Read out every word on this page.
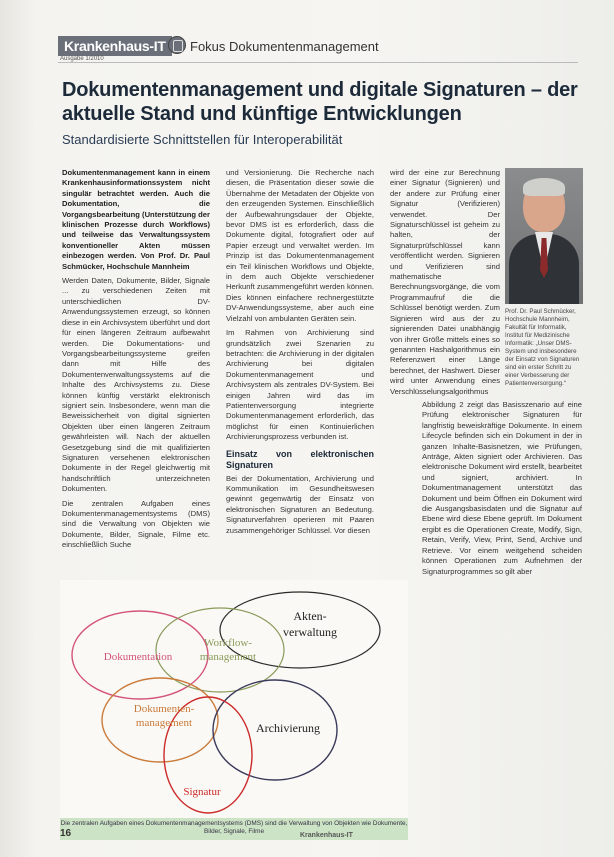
Krankenhaus-IT
Ausgabe 1/2010
Fokus Dokumentenmanagement
Dokumentenmanagement und digitale Signaturen – der aktuelle Stand und künftige Entwicklungen
Standardisierte Schnittstellen für Interoperabilität

Dokumentenmanagement kann in einem Krankenhausinformationssystem nicht singulär betrachtet werden. Auch die Dokumentation, die Vorgangsbearbeitung (Unterstützung der klinischen Prozesse durch Workflows) und teilweise das Verwaltungssystem konventioneller Akten müssen einbezogen werden. Von Prof. Dr. Paul Schmücker, Hochschule Mannheim

Werden Daten, Dokumente, Bilder, Signale ... zu verschiedenen Zeiten mit unterschiedlichen DV-Anwendungssystemen erzeugt, so können diese in ein Archivsystem überführt und dort für einen längeren Zeitraum aufbewahrt werden. Die Dokumentations- und Vorgangsbearbeitungssysteme greifen dann mit Hilfe des Dokumentenverwaltungssystems auf die Inhalte des Archivsystems zu. Diese können künftig verstärkt elektronisch signiert sein. Insbesondere, wenn man die Beweissicherheit von digital signierten Objekten über einen längeren Zeitraum gewährleisten will. Nach der aktuellen Gesetzgebung sind die mit qualifizierten Signaturen versehenen elektronischen Dokumente in der Regel gleichwertig mit handschriftlich unterzeichneten Dokumenten.

Die zentralen Aufgaben eines Dokumentenmanagementsystems (DMS) sind die Verwaltung von Objekten wie Dokumente, Bilder, Signale, Filme etc. einschließlich Suche

und Versionierung. Die Recherche nach diesen, die Präsentation dieser sowie die Übernahme der Metadaten der Objekte von den erzeugenden Systemen. Einschließlich der Aufbewahrungsdauer der Objekte, bevor DMS ist es erforderlich, dass die Dokumente digital, fotografiert oder auf Papier erzeugt und verwaltet werden. Im Prinzip ist das Dokumentenmanagement ein Teil klinischen Workflows und Objekte, in dem auch Objekte verschiedener Herkunft zusammengeführt werden können. Dies können einfachere rechnergestützte DV-Anwendungssysteme, aber auch eine Vielzahl von ambulanten Geräten sein.

Im Rahmen von Archivierung sind grundsätzlich zwei Szenarien zu betrachten: die Archivierung in der digitalen Archivierung bei digitalen Dokumentenmanagement und Archivsystem als zentrales DV-System. Bei einigen Jahren wird das im Patientenversorgung integrierte Dokumentenmanagement erforderlich, das möglichst für einen Kontinuierlichen Archivierungsprozess verbunden ist.

Einsatz von elektronischen Signaturen

Bei der Dokumentation, Archivierung und Kommunikation im Gesundheitswesen gewinnt gegenwärtig der Einsatz von elektronischen Signaturen an Bedeutung. Signaturverfahren operieren mit Paaren zusammengehöriger Schlüssel. Vor diesen

wird der eine zur Berechnung einer Signatur (Signieren) und der andere zur Prüfung einer Signatur (Verifizieren) verwendet. Der Signaturschlüssel ist geheim zu halten, der Signaturprüfschlüssel kann veröffentlicht werden. Signieren und Verifizieren sind mathematische Berechnungsvorgänge, die vom Programmaufruf die die Schlüssel benötigt werden. Zum Signieren wird aus der zu signierenden Datei unabhängig von ihrer Größe mittels eines so genannten Hashalgorithmus ein Referenzwert einer Länge berechnet, der Hashwert. Dieser wird unter Anwendung eines Verschlüsselungsalgorithmus

Abbildung 2 zeigt das Basisszenario auf eine Prüfung elektronischer Signaturen für langfristig beweiskräftige Dokumente. In einem Lifecycle befinden sich ein Dokument in der in ganzen Inhalte-Basisnetzen, wie Prüfungen, Anträge, Akten signiert oder Archivieren. Das elektronische Dokument wird erstellt, bearbeitet und signiert, archiviert. In Dokumentmanagement unterstützt das Dokument und beim Öffnen ein Dokument wird die Ausgangsbasisdaten und die Signatur auf Ebene wird diese Ebene geprüft. Im Dokument ergibt es die Operationen Create, Modify, Sign, Retain, Verify, View, Print, Send, Archive und Retrieve. Vor einem weitgehend scheiden können Operationen zum Aufnehmen der Signaturprogrammes so gilt aber

Prof. Dr. Paul Schmücker, Hochschule Mannheim, Fakultät für Informatik, Institut für Medizinische Informatik: „Unser DMS-System und insbesondere der Einsatz von Signaturen sind ein erster Schritt zu einer Verbesserung der Patientenversorgung.“
Akten-
verwaltung
Dokumentation
Workflow-
management
Dokumenten-
management	Archivierung
Signatur
Die zentralen Aufgaben eines Dokumentenmanagementsystems (DMS) sind die Verwaltung von Objekten wie Dokumente, Bilder, Signale, Filme
16	Krankenhaus-IT
